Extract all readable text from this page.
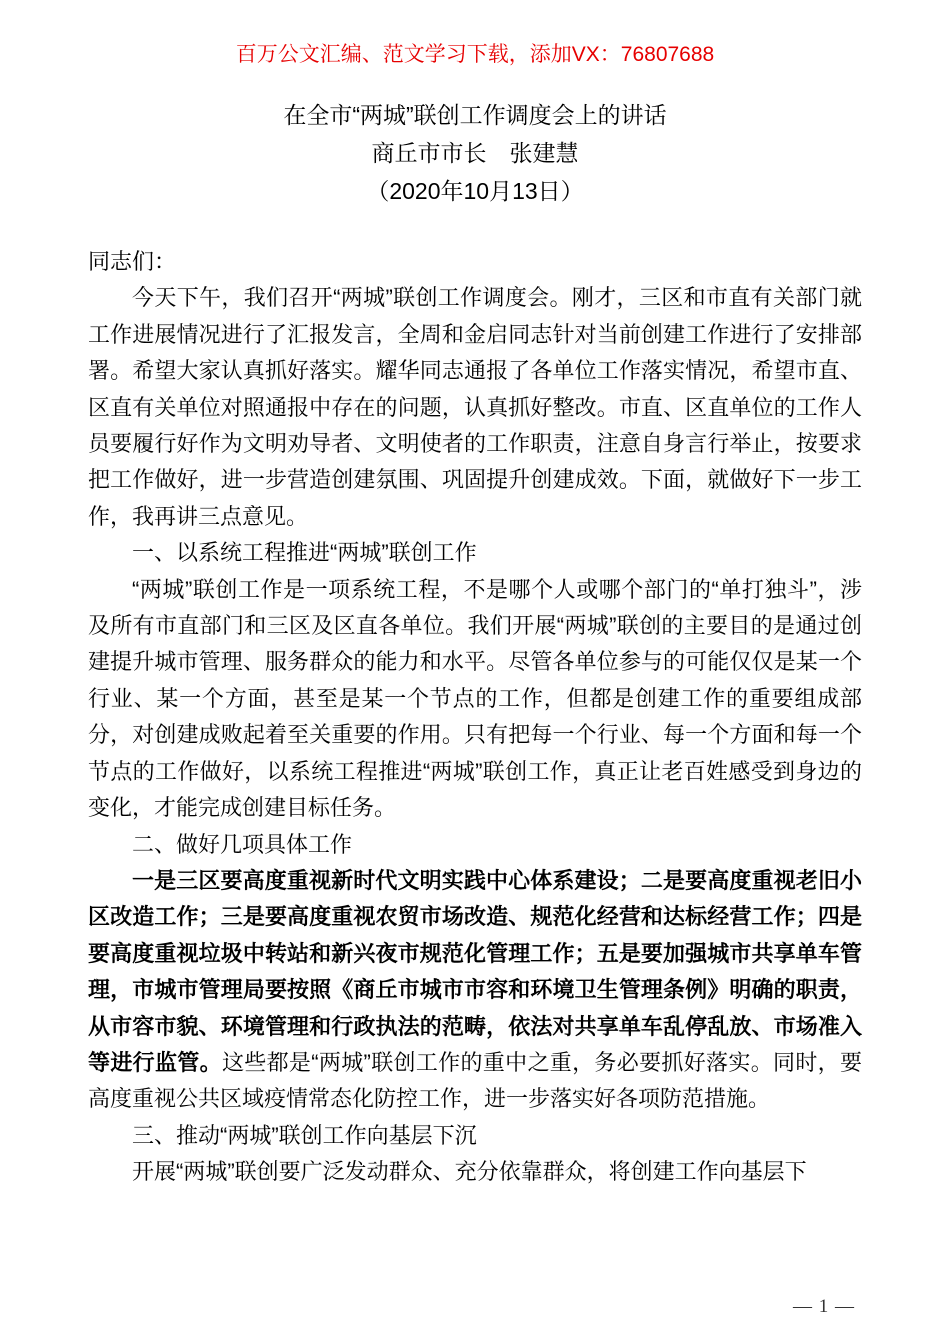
百万公文汇编、范文学习下载，添加VX：76807688
在全市“两城”联创工作调度会上的讲话
商丘市市长　张建慧
（2020年10月13日）

同志们：

今天下午，我们召开“两城”联创工作调度会。刚才，三区和市直有关部门就工作进展情况进行了汇报发言，全周和金启同志针对当前创建工作进行了安排部署。希望大家认真抓好落实。耀华同志通报了各单位工作落实情况，希望市直、区直有关单位对照通报中存在的问题，认真抓好整改。市直、区直单位的工作人员要履行好作为文明劝导者、文明使者的工作职责，注意自身言行举止，按要求把工作做好，进一步营造创建氛围、巩固提升创建成效。下面，就做好下一步工作，我再讲三点意见。

一、以系统工程推进“两城”联创工作

“两城”联创工作是一项系统工程，不是哪个人或哪个部门的“单打独斗”，涉及所有市直部门和三区及区直各单位。我们开展“两城”联创的主要目的是通过创建提升城市管理、服务群众的能力和水平。尽管各单位参与的可能仅仅是某一个行业、某一个方面，甚至是某一个节点的工作，但都是创建工作的重要组成部分，对创建成败起着至关重要的作用。只有把每一个行业、每一个方面和每一个节点的工作做好，以系统工程推进“两城”联创工作，真正让老百姓感受到身边的变化，才能完成创建目标任务。

二、做好几项具体工作

一是三区要高度重视新时代文明实践中心体系建设；二是要高度重视老旧小区改造工作；三是要高度重视农贸市场改造、规范化经营和达标经营工作；四是要高度重视垃圾中转站和新兴夜市规范化管理工作；五是要加强城市共享单车管理，市城市管理局要按照《商丘市城市市容和环境卫生管理条例》明确的职责，从市容市貌、环境管理和行政执法的范畴，依法对共享单车乱停乱放、市场准入等进行监管。这些都是“两城”联创工作的重中之重，务必要抓好落实。同时，要高度重视公共区域疫情常态化防控工作，进一步落实好各项防范措施。

三、推动“两城”联创工作向基层下沉

开展“两城”联创要广泛发动群众、充分依靠群众，将创建工作向基层下

— 1 —
